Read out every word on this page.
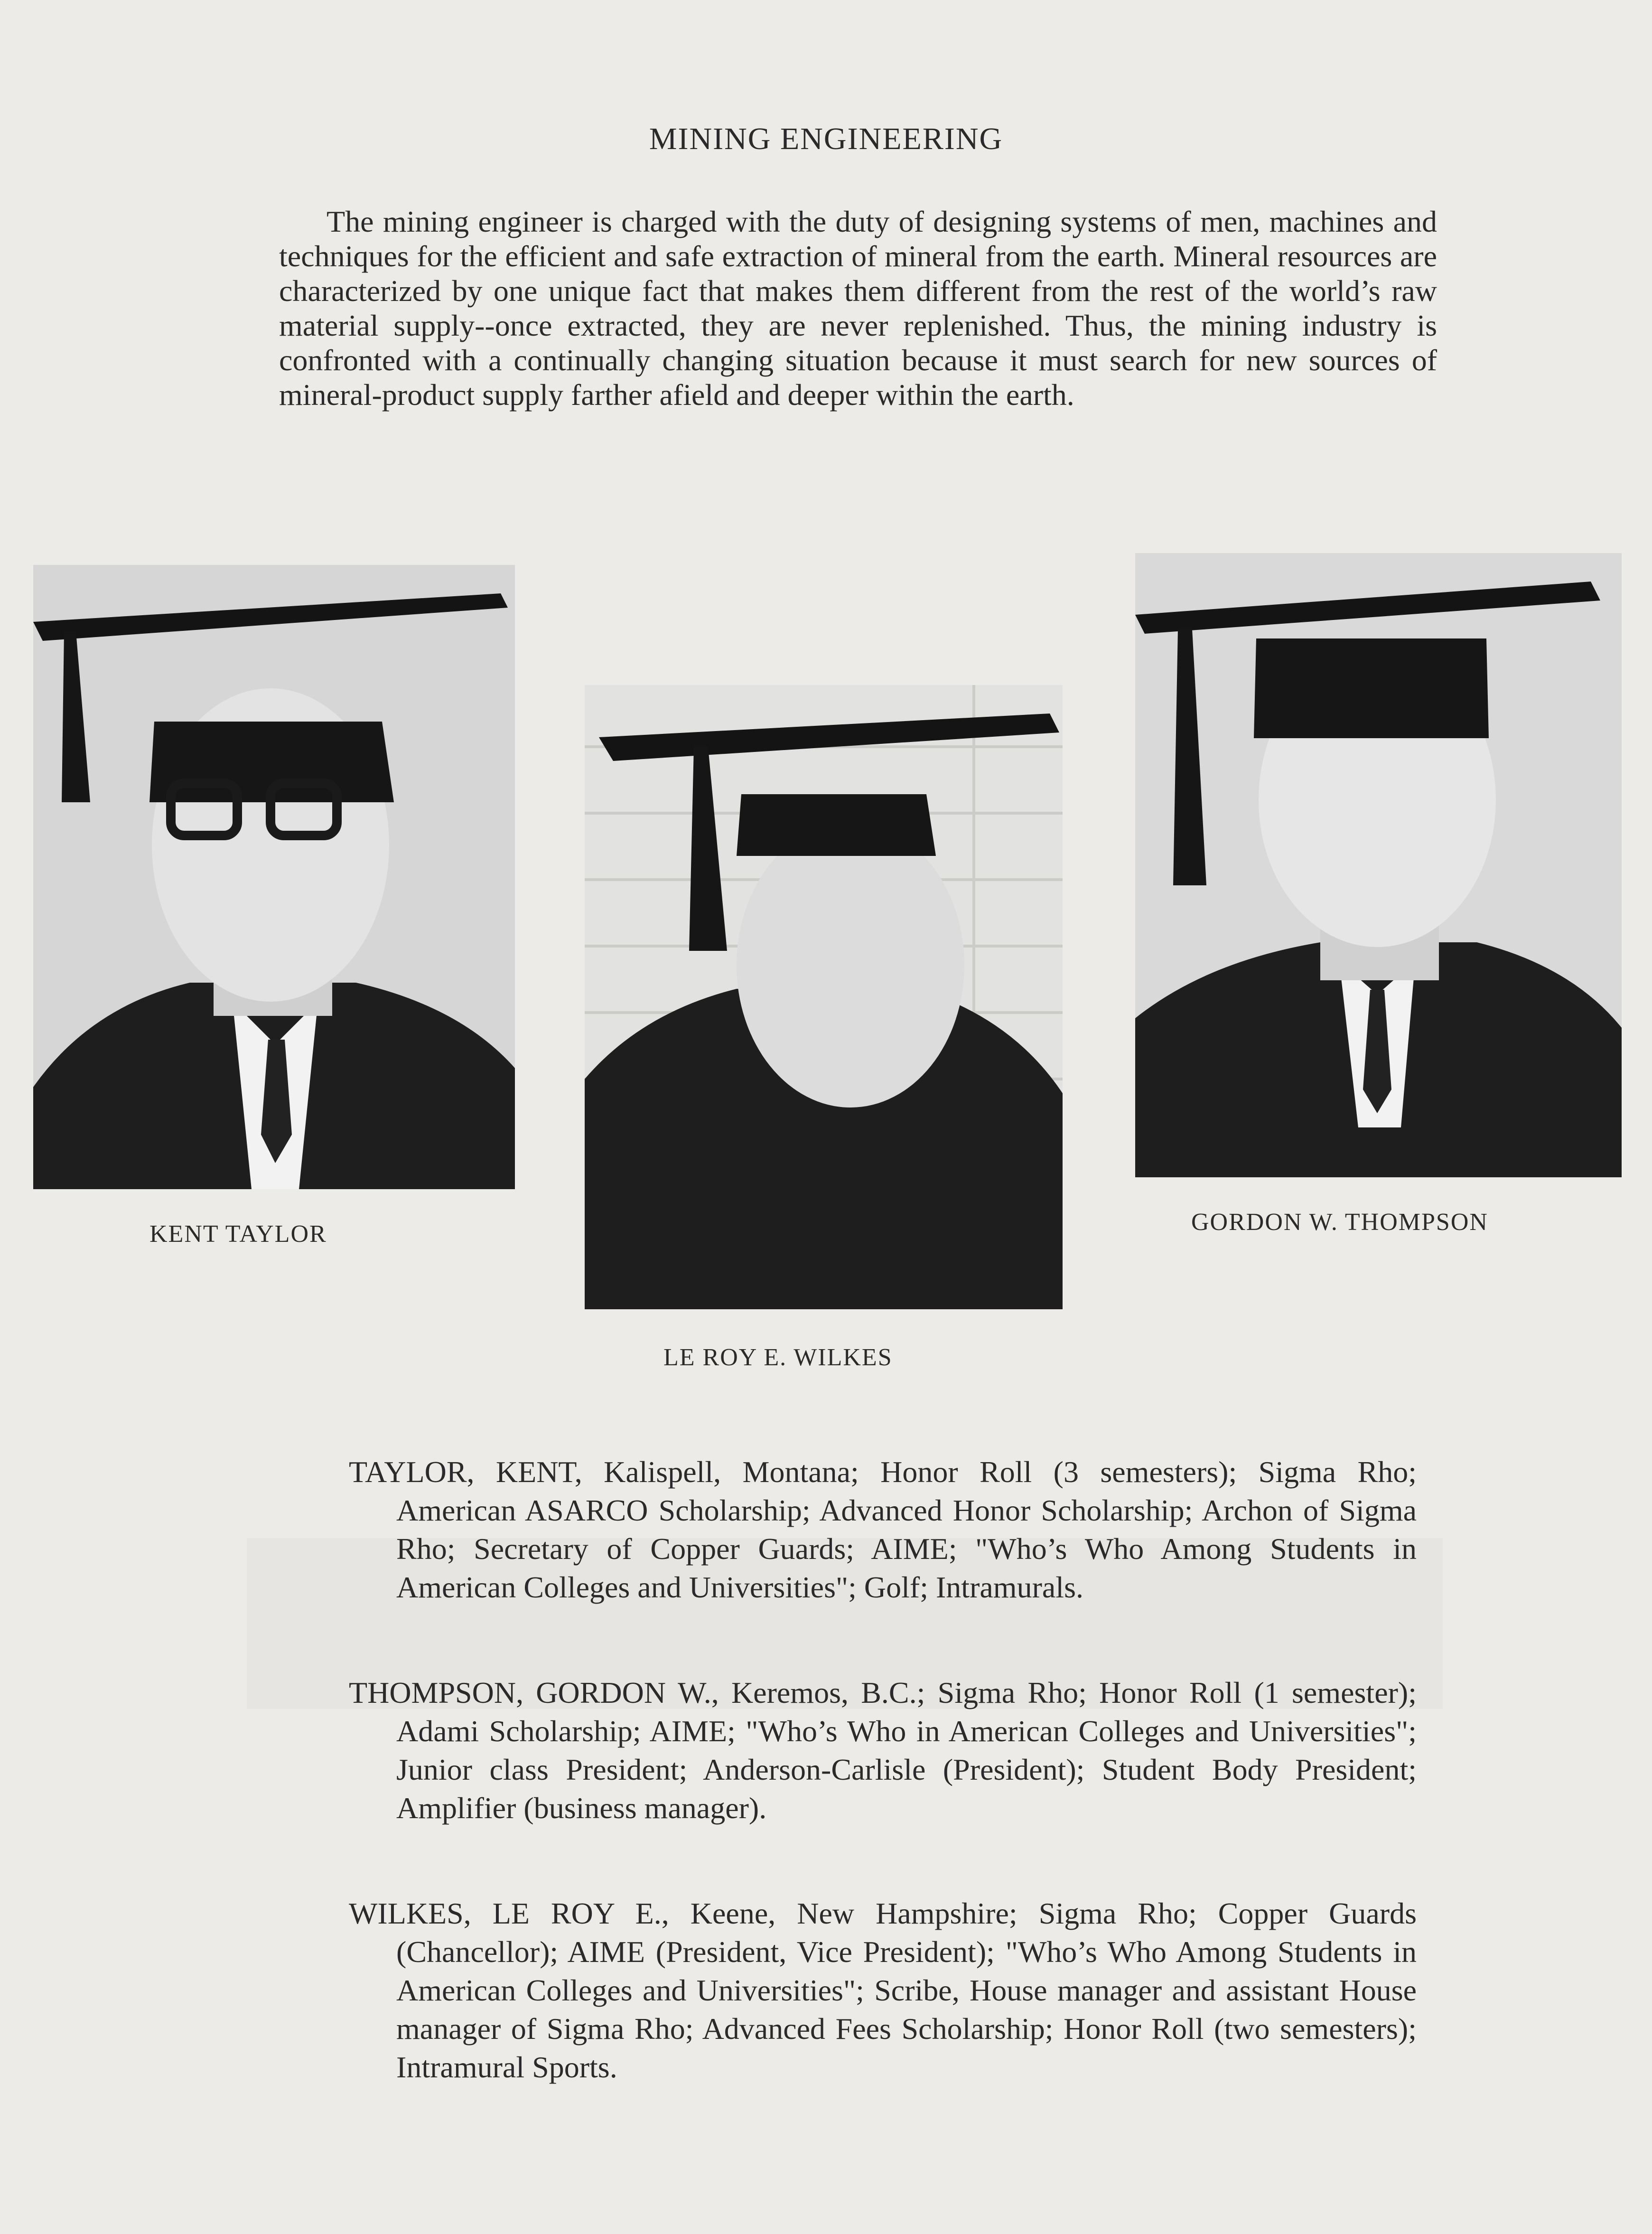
MINING ENGINEERING

The mining engineer is charged with the duty of designing systems of men, machines and techniques for the efficient and safe extraction of mineral from the earth. Mineral resources are characterized by one unique fact that makes them different from the rest of the world’s raw material supply--once extracted, they are never replenished. Thus, the mining industry is confronted with a continually changing situation because it must search for new sources of mineral-product supply farther afield and deeper within the earth.

KENT TAYLOR

LE ROY E. WILKES

GORDON W. THOMPSON

TAYLOR, KENT, Kalispell, Montana; Honor Roll (3 semesters); Sigma Rho; American ASARCO Scholarship; Advanced Honor Scholarship; Archon of Sigma Rho; Secretary of Copper Guards; AIME; "Who’s Who Among Students in American Colleges and Universities"; Golf; Intramurals.

THOMPSON, GORDON W., Keremos, B.C.; Sigma Rho; Honor Roll (1 semester); Adami Scholarship; AIME; "Who’s Who in American Colleges and Universities"; Junior class President; Anderson-Carlisle (President); Student Body President; Amplifier (business manager).

WILKES, LE ROY E., Keene, New Hampshire; Sigma Rho; Copper Guards (Chancellor); AIME (President, Vice President); "Who’s Who Among Students in American Colleges and Universities"; Scribe, House manager and assistant House manager of Sigma Rho; Advanced Fees Scholarship; Honor Roll (two semesters); Intramural Sports.
